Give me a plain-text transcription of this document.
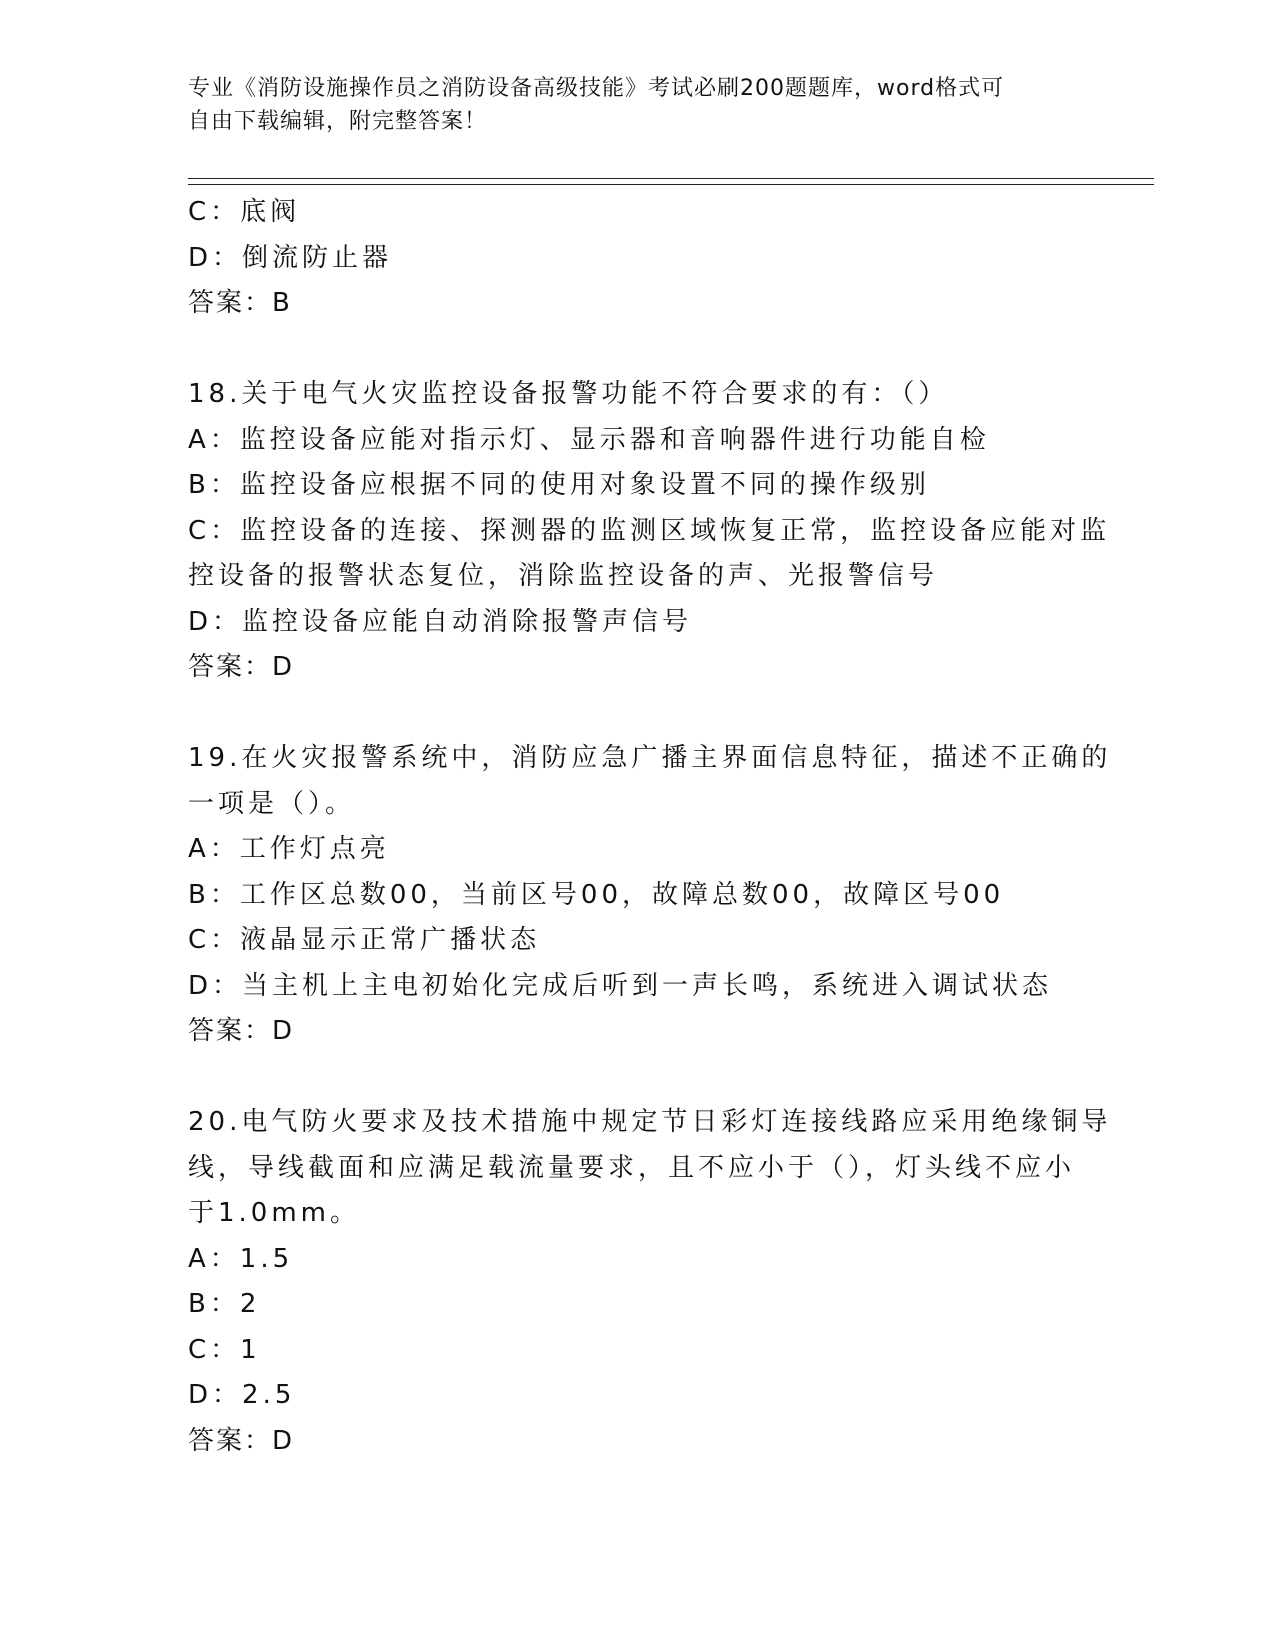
专业《消防设施操作员之消防设备高级技能》考试必刷200题题库，word格式可
自由下载编辑，附完整答案！
C：底阀
D：倒流防止器
答案：B
18.关于电气火灾监控设备报警功能不符合要求的有：（）
A：监控设备应能对指示灯、显示器和音响器件进行功能自检
B：监控设备应根据不同的使用对象设置不同的操作级别
C：监控设备的连接、探测器的监测区域恢复正常，监控设备应能对监
控设备的报警状态复位，消除监控设备的声、光报警信号
D：监控设备应能自动消除报警声信号
答案：D
19.在火灾报警系统中，消防应急广播主界面信息特征，描述不正确的
一项是（）。
A：工作灯点亮
B：工作区总数00，当前区号00，故障总数00，故障区号00
C：液晶显示正常广播状态
D：当主机上主电初始化完成后听到一声长鸣，系统进入调试状态
答案：D
20.电气防火要求及技术措施中规定节日彩灯连接线路应采用绝缘铜导
线，导线截面和应满足载流量要求，且不应小于（），灯头线不应小
于1.0mm。
A：1.5
B：2
C：1
D：2.5
答案：D
